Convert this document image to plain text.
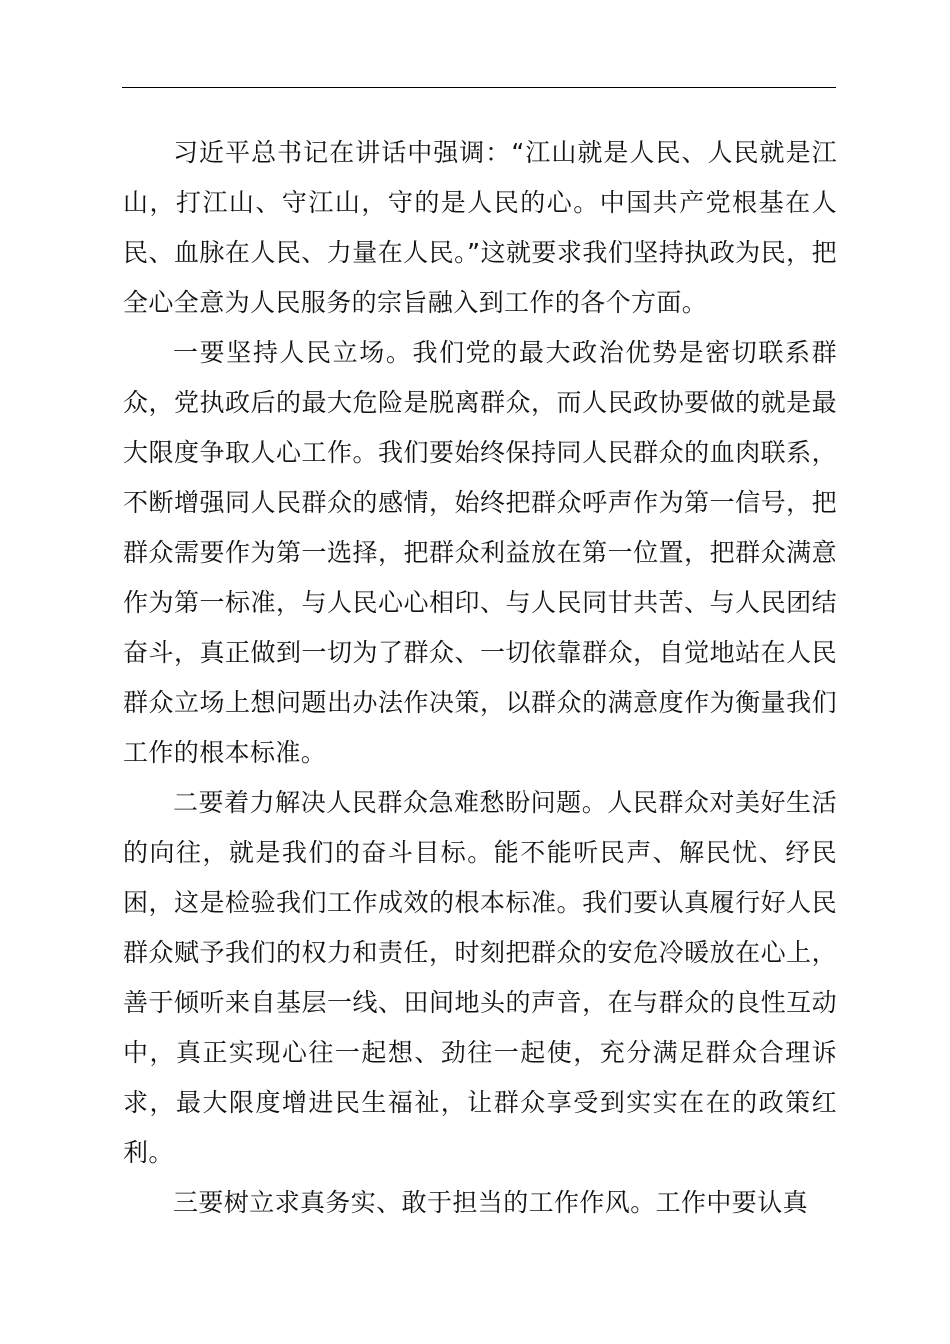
习近平总书记在讲话中强调：“江山就是人民、人民就是江山，打江山、守江山，守的是人民的心。中国共产党根基在人民、血脉在人民、力量在人民。”这就要求我们坚持执政为民，把全心全意为人民服务的宗旨融入到工作的各个方面。

一要坚持人民立场。我们党的最大政治优势是密切联系群众，党执政后的最大危险是脱离群众，而人民政协要做的就是最大限度争取人心工作。我们要始终保持同人民群众的血肉联系，不断增强同人民群众的感情，始终把群众呼声作为第一信号，把群众需要作为第一选择，把群众利益放在第一位置，把群众满意作为第一标准，与人民心心相印、与人民同甘共苦、与人民团结奋斗，真正做到一切为了群众、一切依靠群众，自觉地站在人民群众立场上想问题出办法作决策，以群众的满意度作为衡量我们工作的根本标准。

二要着力解决人民群众急难愁盼问题。人民群众对美好生活的向往，就是我们的奋斗目标。能不能听民声、解民忧、纾民困，这是检验我们工作成效的根本标准。我们要认真履行好人民群众赋予我们的权力和责任，时刻把群众的安危冷暖放在心上，善于倾听来自基层一线、田间地头的声音，在与群众的良性互动中，真正实现心往一起想、劲往一起使，充分满足群众合理诉求，最大限度增进民生福祉，让群众享受到实实在在的政策红利。

三要树立求真务实、敢于担当的工作作风。工作中要认真
